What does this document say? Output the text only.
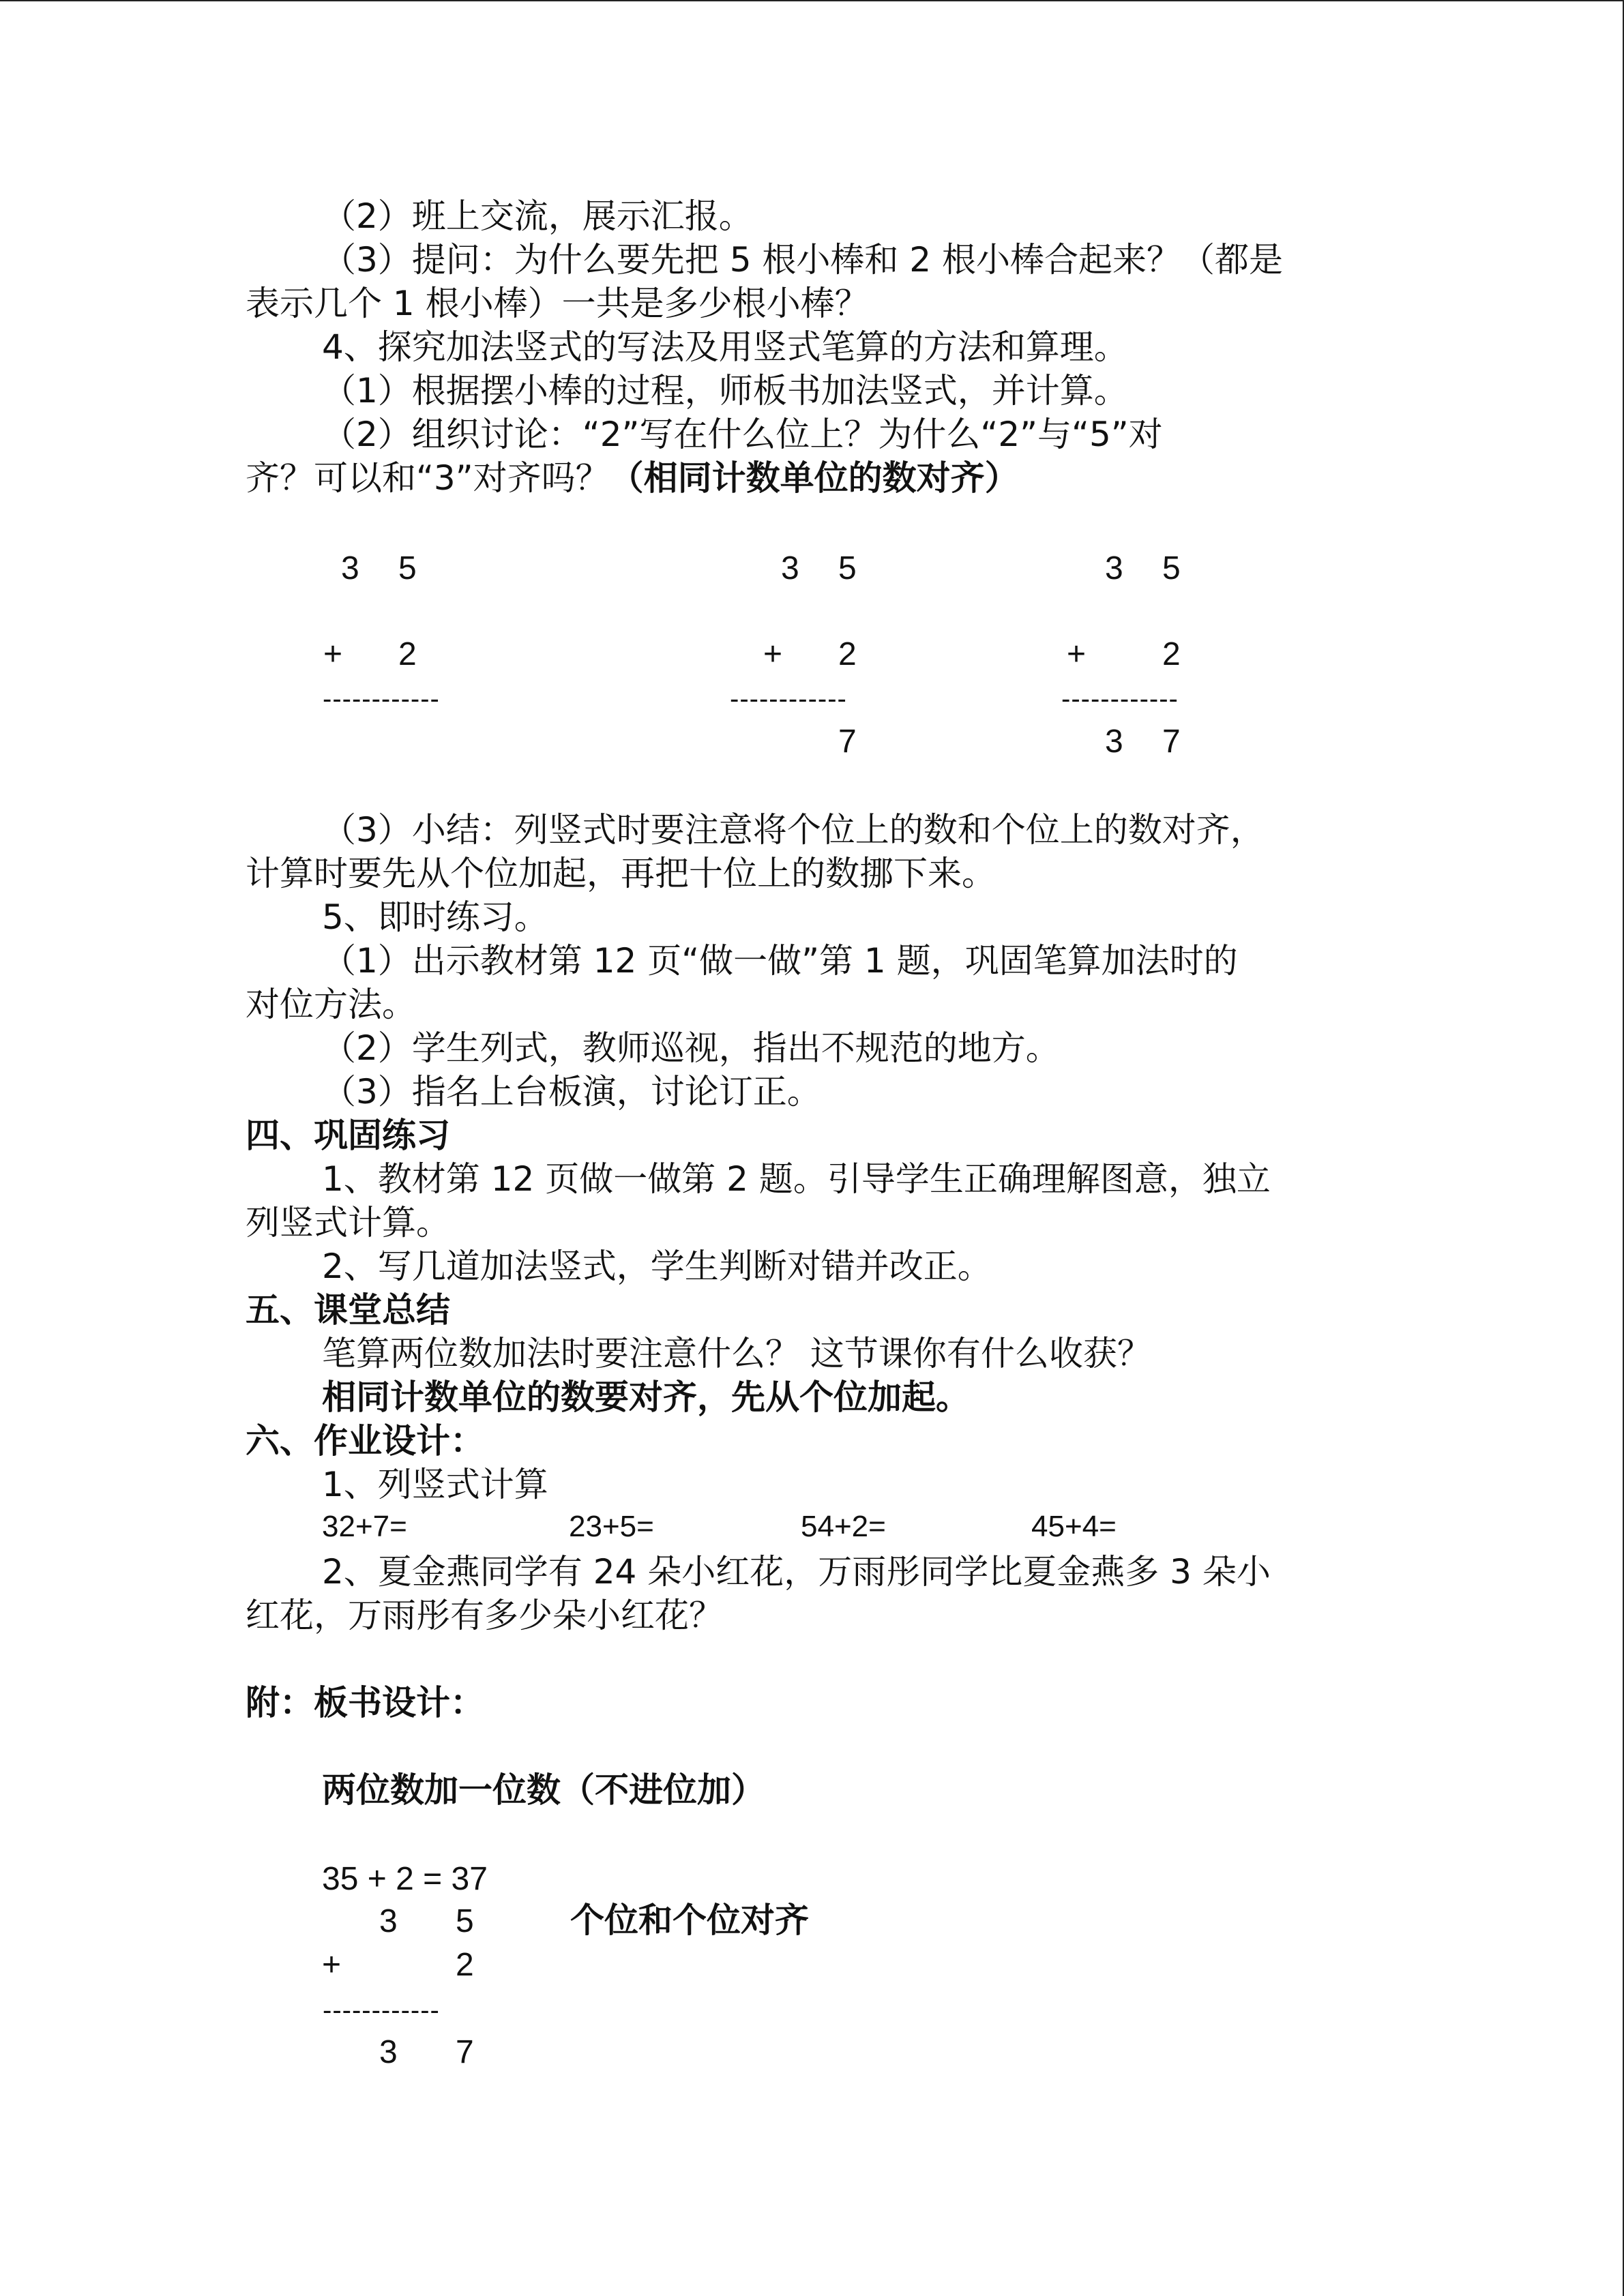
（2）班上交流，展示汇报。
（3）提问：为什么要先把 5 根小棒和 2 根小棒合起来？（都是
表示几个 1 根小棒）一共是多少根小棒？
4、探究加法竖式的写法及用竖式笔算的方法和算理。
（1）根据摆小棒的过程，师板书加法竖式，并计算。
（2）组织讨论：“2”写在什么位上？为什么“2”与“5”对
齐？可以和“3”对齐吗？（相同计数单位的数对齐）
3 5
+ 2
------------
3 5
+ 2
------------
7
3 5
+ 2
------------
3 7
（3）小结：列竖式时要注意将个位上的数和个位上的数对齐，
计算时要先从个位加起，再把十位上的数挪下来。
5、即时练习。
（1）出示教材第 12 页“做一做”第 1 题，巩固笔算加法时的
对位方法。
（2）学生列式，教师巡视，指出不规范的地方。
（3）指名上台板演，讨论订正。
四、巩固练习
1、教材第 12 页做一做第 2 题。引导学生正确理解图意，独立
列竖式计算。
2、写几道加法竖式，学生判断对错并改正。
五、课堂总结
笔算两位数加法时要注意什么？ 这节课你有什么收获？
相同计数单位的数要对齐，先从个位加起。
六、作业设计：
1、列竖式计算
32+7=	23+5=	54+2=	45+4=
2、夏金燕同学有 24 朵小红花，万雨彤同学比夏金燕多 3 朵小
红花，万雨彤有多少朵小红花？
附：板书设计：
两位数加一位数（不进位加）
35 + 2 = 37
3 5
+	2
------------
3 7
个位和个位对齐
